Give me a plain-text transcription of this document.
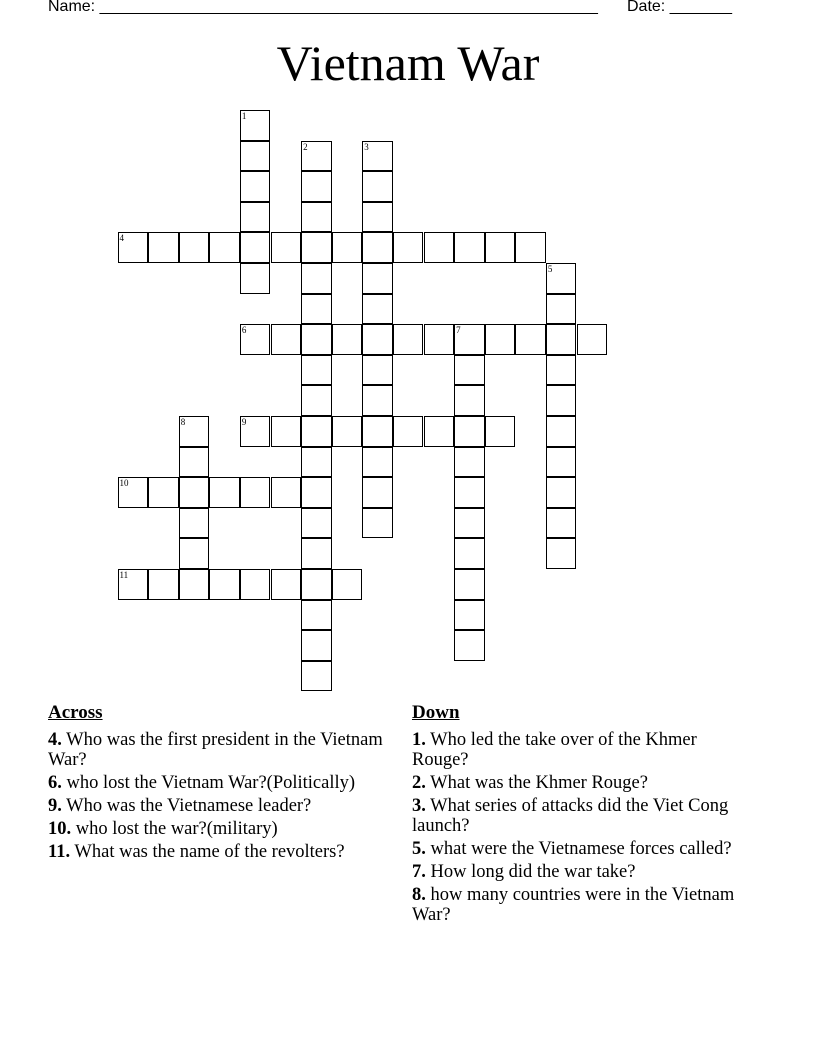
Name: ________________________________________________________ Date: _______
Vietnam War
1
2	3
4
5
6	7
8	9
10
11
Across
4. Who was the first president in the Vietnam War?
6. who lost the Vietnam War?(Politically)
9. Who was the Vietnamese leader?
10. who lost the war?(military)
11. What was the name of the revolters?
Down
1. Who led the take over of the Khmer Rouge?
2. What was the Khmer Rouge?
3. What series of attacks did the Viet Cong launch?
5. what were the Vietnamese forces called?
7. How long did the war take?
8. how many countries were in the Vietnam War?
